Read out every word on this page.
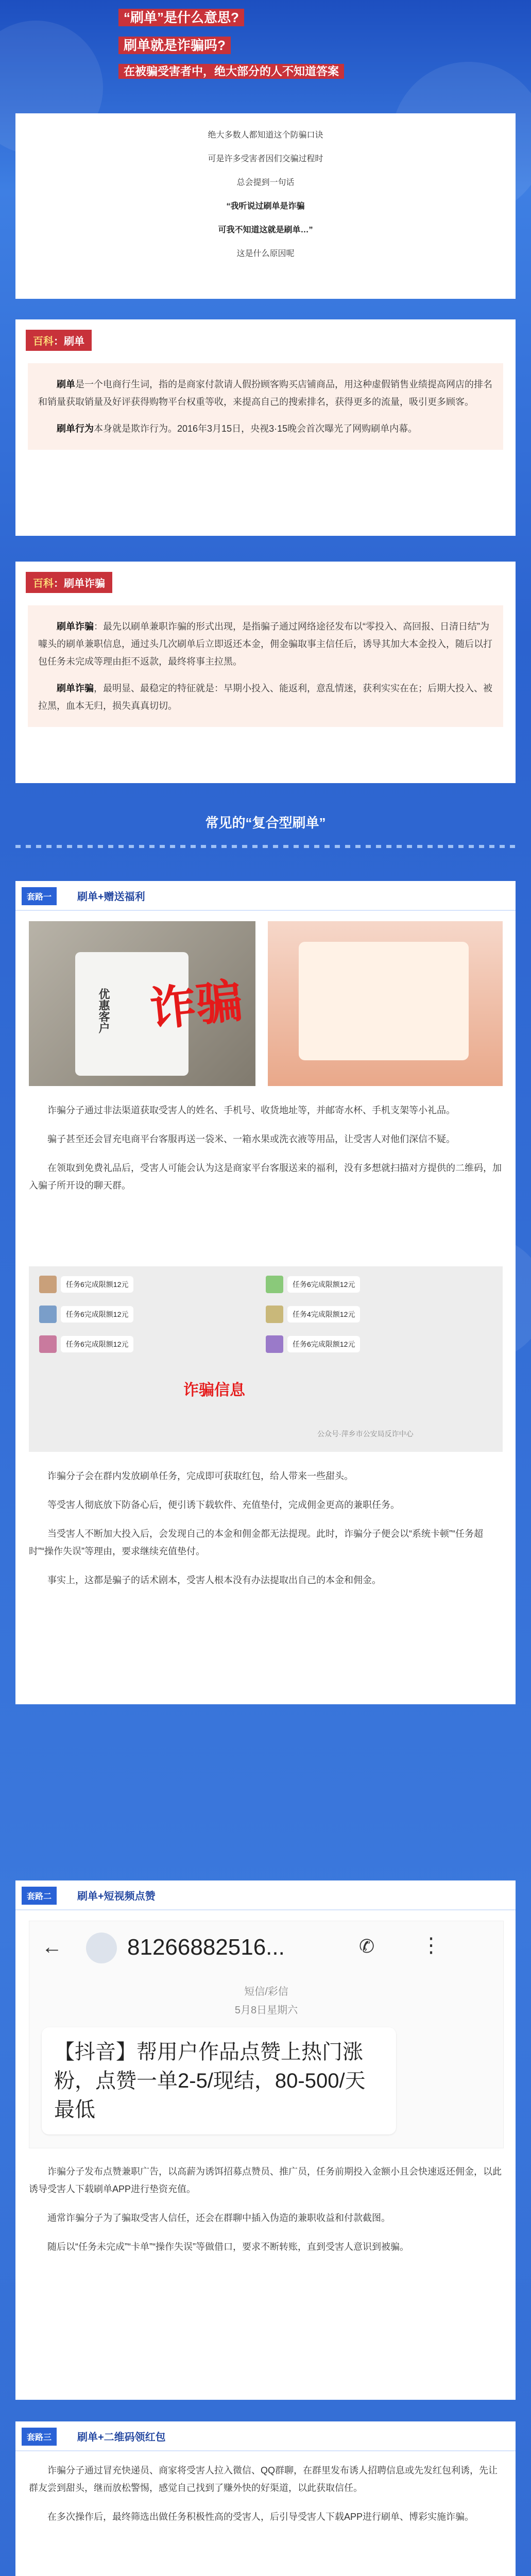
“刷单”是什么意思?
刷单就是诈骗吗?
在被骗受害者中，绝大部分的人不知道答案
绝大多数人都知道这个防骗口诀
可是许多受害者因们交骗过程时
总会提到一句话
“我听说过刷单是诈骗
可我不知道这就是刷单…”
这是什么原因呢
百科：刷单

刷单是一个电商行生词，指的是商家付款请人假扮顾客购买店铺商品，用这种虚假销售业绩提高网店的排名和销量获取销量及好评获得购物平台权重等收，来提高自己的搜索排名，获得更多的流量，吸引更多顾客。

刷单行为本身就是欺诈行为。2016年3月15日，央视3·15晚会首次曝光了网购刷单内幕。

百科：刷单诈骗

刷单诈骗：最先以刷单兼职诈骗的形式出现，是指骗子通过网络途径发布以“零投入、高回报、日清日结”为噱头的刷单兼职信息，通过头几次刷单后立即返还本金，佣金骗取事主信任后，诱导其加大本金投入，随后以打包任务未完成等理由拒不返款，最终将事主拉黑。

刷单诈骗，最明显、最稳定的特征就是：早期小投入、能返利，意乱情迷，获利实实在在；后期大投入、被拉黑，血本无归，损失真真切切。

常见的“复合型刷单”
套路一	刷单+赠送福利
优惠客户 诈骗

诈骗分子通过非法渠道获取受害人的姓名、手机号、收货地址等，并邮寄水杯、手机支架等小礼品。

骗子甚至还会冒充电商平台客服再送一袋米、一箱水果或洗衣液等用品，让受害人对他们深信不疑。

在领取到免费礼品后，受害人可能会认为这是商家平台客服送来的福利，没有多想就扫描对方提供的二维码，加入骗子所开设的聊天群。

任务6完成限额12元
任务6完成限额12元
任务6完成限额12元
任务6完成限额12元
任务4完成限额12元
任务6完成限额12元
诈骗信息
公众号·萍乡市公安局反诈中心

诈骗分子会在群内发放刷单任务，完成即可获取红包，给人带来一些甜头。

等受害人彻底放下防备心后，便引诱下载软件、充值垫付，完成佣金更高的兼职任务。

当受害人不断加大投入后，会发现自己的本金和佣金都无法提现。此时，诈骗分子便会以“系统卡顿”“任务超时”“操作失误”等理由，要求继续充值垫付。

事实上，这都是骗子的话术剧本，受害人根本没有办法提取出自己的本金和佣金。

套路二	刷单+短视频点赞
←	81266882516...	✆ ⋮
短信/彩信
5月8日星期六
【抖音】帮用户作品点赞上热门涨粉，点赞一单2-5/现结，80-500/天 最低

诈骗分子发布点赞兼职广告，以高薪为诱饵招募点赞员、推广员，任务前期投入金额小且会快速返还佣金，以此诱导受害人下载刷单APP进行垫资充值。

通常诈骗分子为了骗取受害人信任，还会在群聊中插入伪造的兼职收益和付款截图。

随后以“任务未完成”“卡单”“操作失误”等做借口，要求不断转账，直到受害人意识到被骗。

套路三	刷单+二维码领红包

诈骗分子通过冒充快递员、商家将受害人拉入微信、QQ群聊，在群里发布诱人招聘信息或先发红包利诱，先让群友尝到甜头，继而放松警惕，感觉自己找到了赚外快的好渠道，以此获取信任。

在多次操作后，最终筛选出做任务积极性高的受害人，后引导受害人下载APP进行刷单、博彩实施诈骗。
